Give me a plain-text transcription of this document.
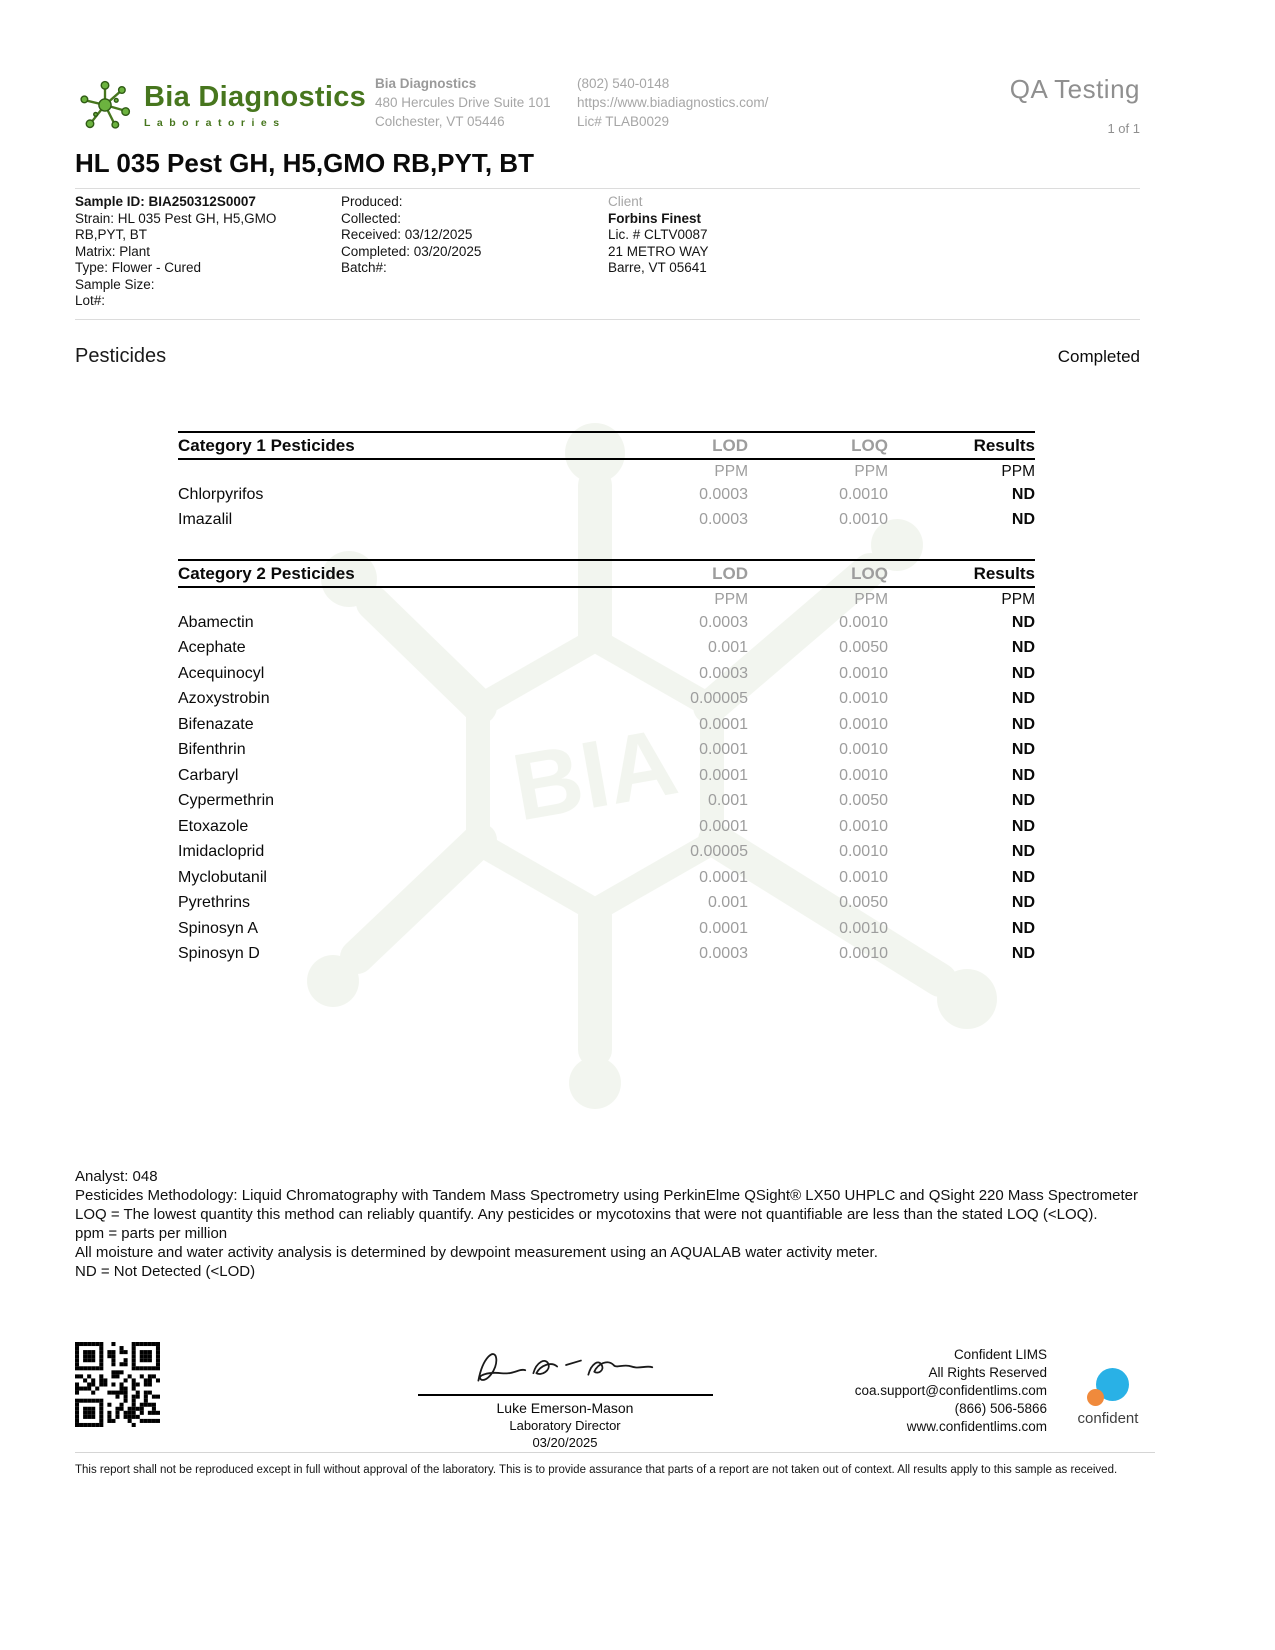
BIA
Bia Diagnostics
Laboratories
Bia Diagnostics
480 Hercules Drive Suite 101
Colchester, VT 05446
(802) 540-0148
https://www.biadiagnostics.com/
Lic# TLAB0029
QA Testing
1 of 1
HL 035 Pest GH, H5,GMO RB,PYT, BT
Sample ID: BIA250312S0007
Strain: HL 035 Pest GH, H5,GMO RB,PYT, BT
Matrix: Plant
Type: Flower - Cured
Sample Size:
Lot#:
Produced:
Collected:
Received: 03/12/2025
Completed: 03/20/2025
Batch#:
Client
Forbins Finest
Lic. # CLTV0087
21 METRO WAY
Barre, VT 05641
Pesticides	Completed
Category 1 Pesticides	LOD	LOQ	Results
PPM	PPM	PPM
Chlorpyrifos	0.0003	0.0010	ND
Imazalil	0.0003	0.0010	ND
Category 2 Pesticides	LOD	LOQ	Results
PPM	PPM	PPM
Abamectin	0.0003	0.0010	ND
Acephate	0.001	0.0050	ND
Acequinocyl	0.0003	0.0010	ND
Azoxystrobin	0.00005	0.0010	ND
Bifenazate	0.0001	0.0010	ND
Bifenthrin	0.0001	0.0010	ND
Carbaryl	0.0001	0.0010	ND
Cypermethrin	0.001	0.0050	ND
Etoxazole	0.0001	0.0010	ND
Imidacloprid	0.00005	0.0010	ND
Myclobutanil	0.0001	0.0010	ND
Pyrethrins	0.001	0.0050	ND
Spinosyn A	0.0001	0.0010	ND
Spinosyn D	0.0003	0.0010	ND
Analyst: 048
Pesticides Methodology: Liquid Chromatography with Tandem Mass Spectrometry using PerkinElme QSight® LX50 UHPLC and QSight 220 Mass Spectrometer
LOQ = The lowest quantity this method can reliably quantify. Any pesticides or mycotoxins that were not quantifiable are less than the stated LOQ (<LOQ).
ppm = parts per million
All moisture and water activity analysis is determined by dewpoint measurement using an AQUALAB water activity meter.
ND = Not Detected (<LOD)
Luke Emerson-Mason
Laboratory Director
03/20/2025
Confident LIMS
All Rights Reserved
coa.support@confidentlims.com
(866) 506-5866
www.confidentlims.com confident
This report shall not be reproduced except in full without approval of the laboratory. This is to provide assurance that parts of a report are not taken out of context. All results apply to this sample as received.
